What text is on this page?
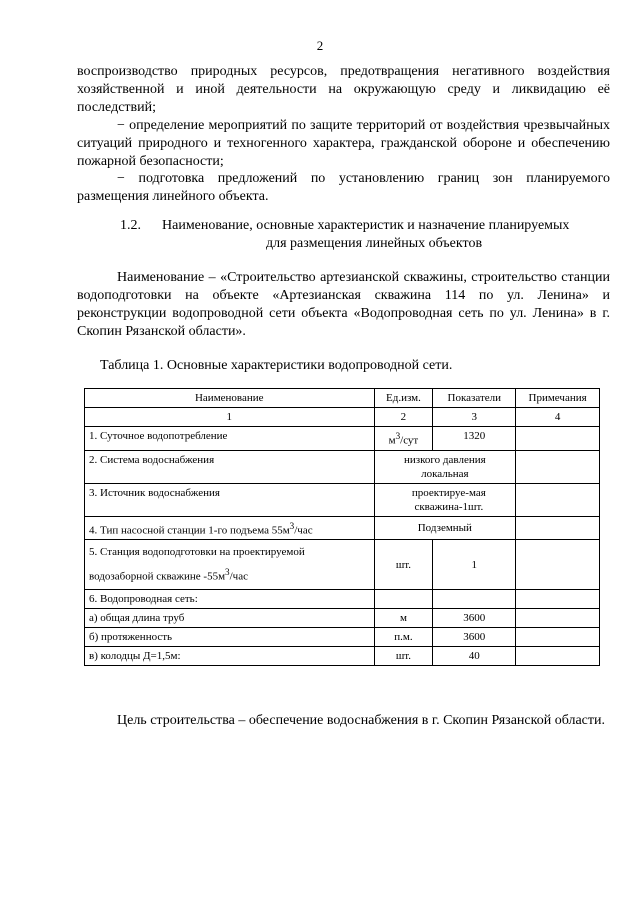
2

воспроизводство природных ресурсов, предотвращения негативного воздействия хозяйственной и иной деятельности на окружающую среду и ликвидацию её последствий;

− определение мероприятий по защите территорий от воздействия чрезвычайных ситуаций природного и техногенного характера, гражданской обороне и обеспечению пожарной безопасности;

− подготовка предложений по установлению границ зон планируемого размещения линейного объекта.

1.2. Наименование, основные характеристик и назначение планируемых
для размещения линейных объектов

Наименование – «Строительство артезианской скважины, строительство станции водоподготовки на объекте «Артезианская скважина 114 по ул. Ленина» и реконструкции водопроводной сети объекта «Водопроводная сеть по ул. Ленина» в г. Скопин Рязанской области».

Таблица 1. Основные характеристики водопроводной сети.
Наименование	Ед.изм.	Показатели	Примечания
1	2	3	4
1. Суточное водопотребление	$м^3$/сут	1320	
2. Система водоснабжения	низкого давления локальная		
3. Источник водоснабжения	проектируе-мая скважина-1шт.		
4. Тип насосной станции 1-го подъема $55м^3$/час	Подземный		
5. Станция водоподготовки на проектируемой водозаборной скважине $-55м^3$/час	шт.	1	
6. Водопроводная сеть:			
а) общая длина труб	м	3600	
б) протяженность	п.м.	3600	
в) колодцы Д=1,5м:	шт.	40	

Цель строительства – обеспечение водоснабжения в г. Скопин Рязанской области.
